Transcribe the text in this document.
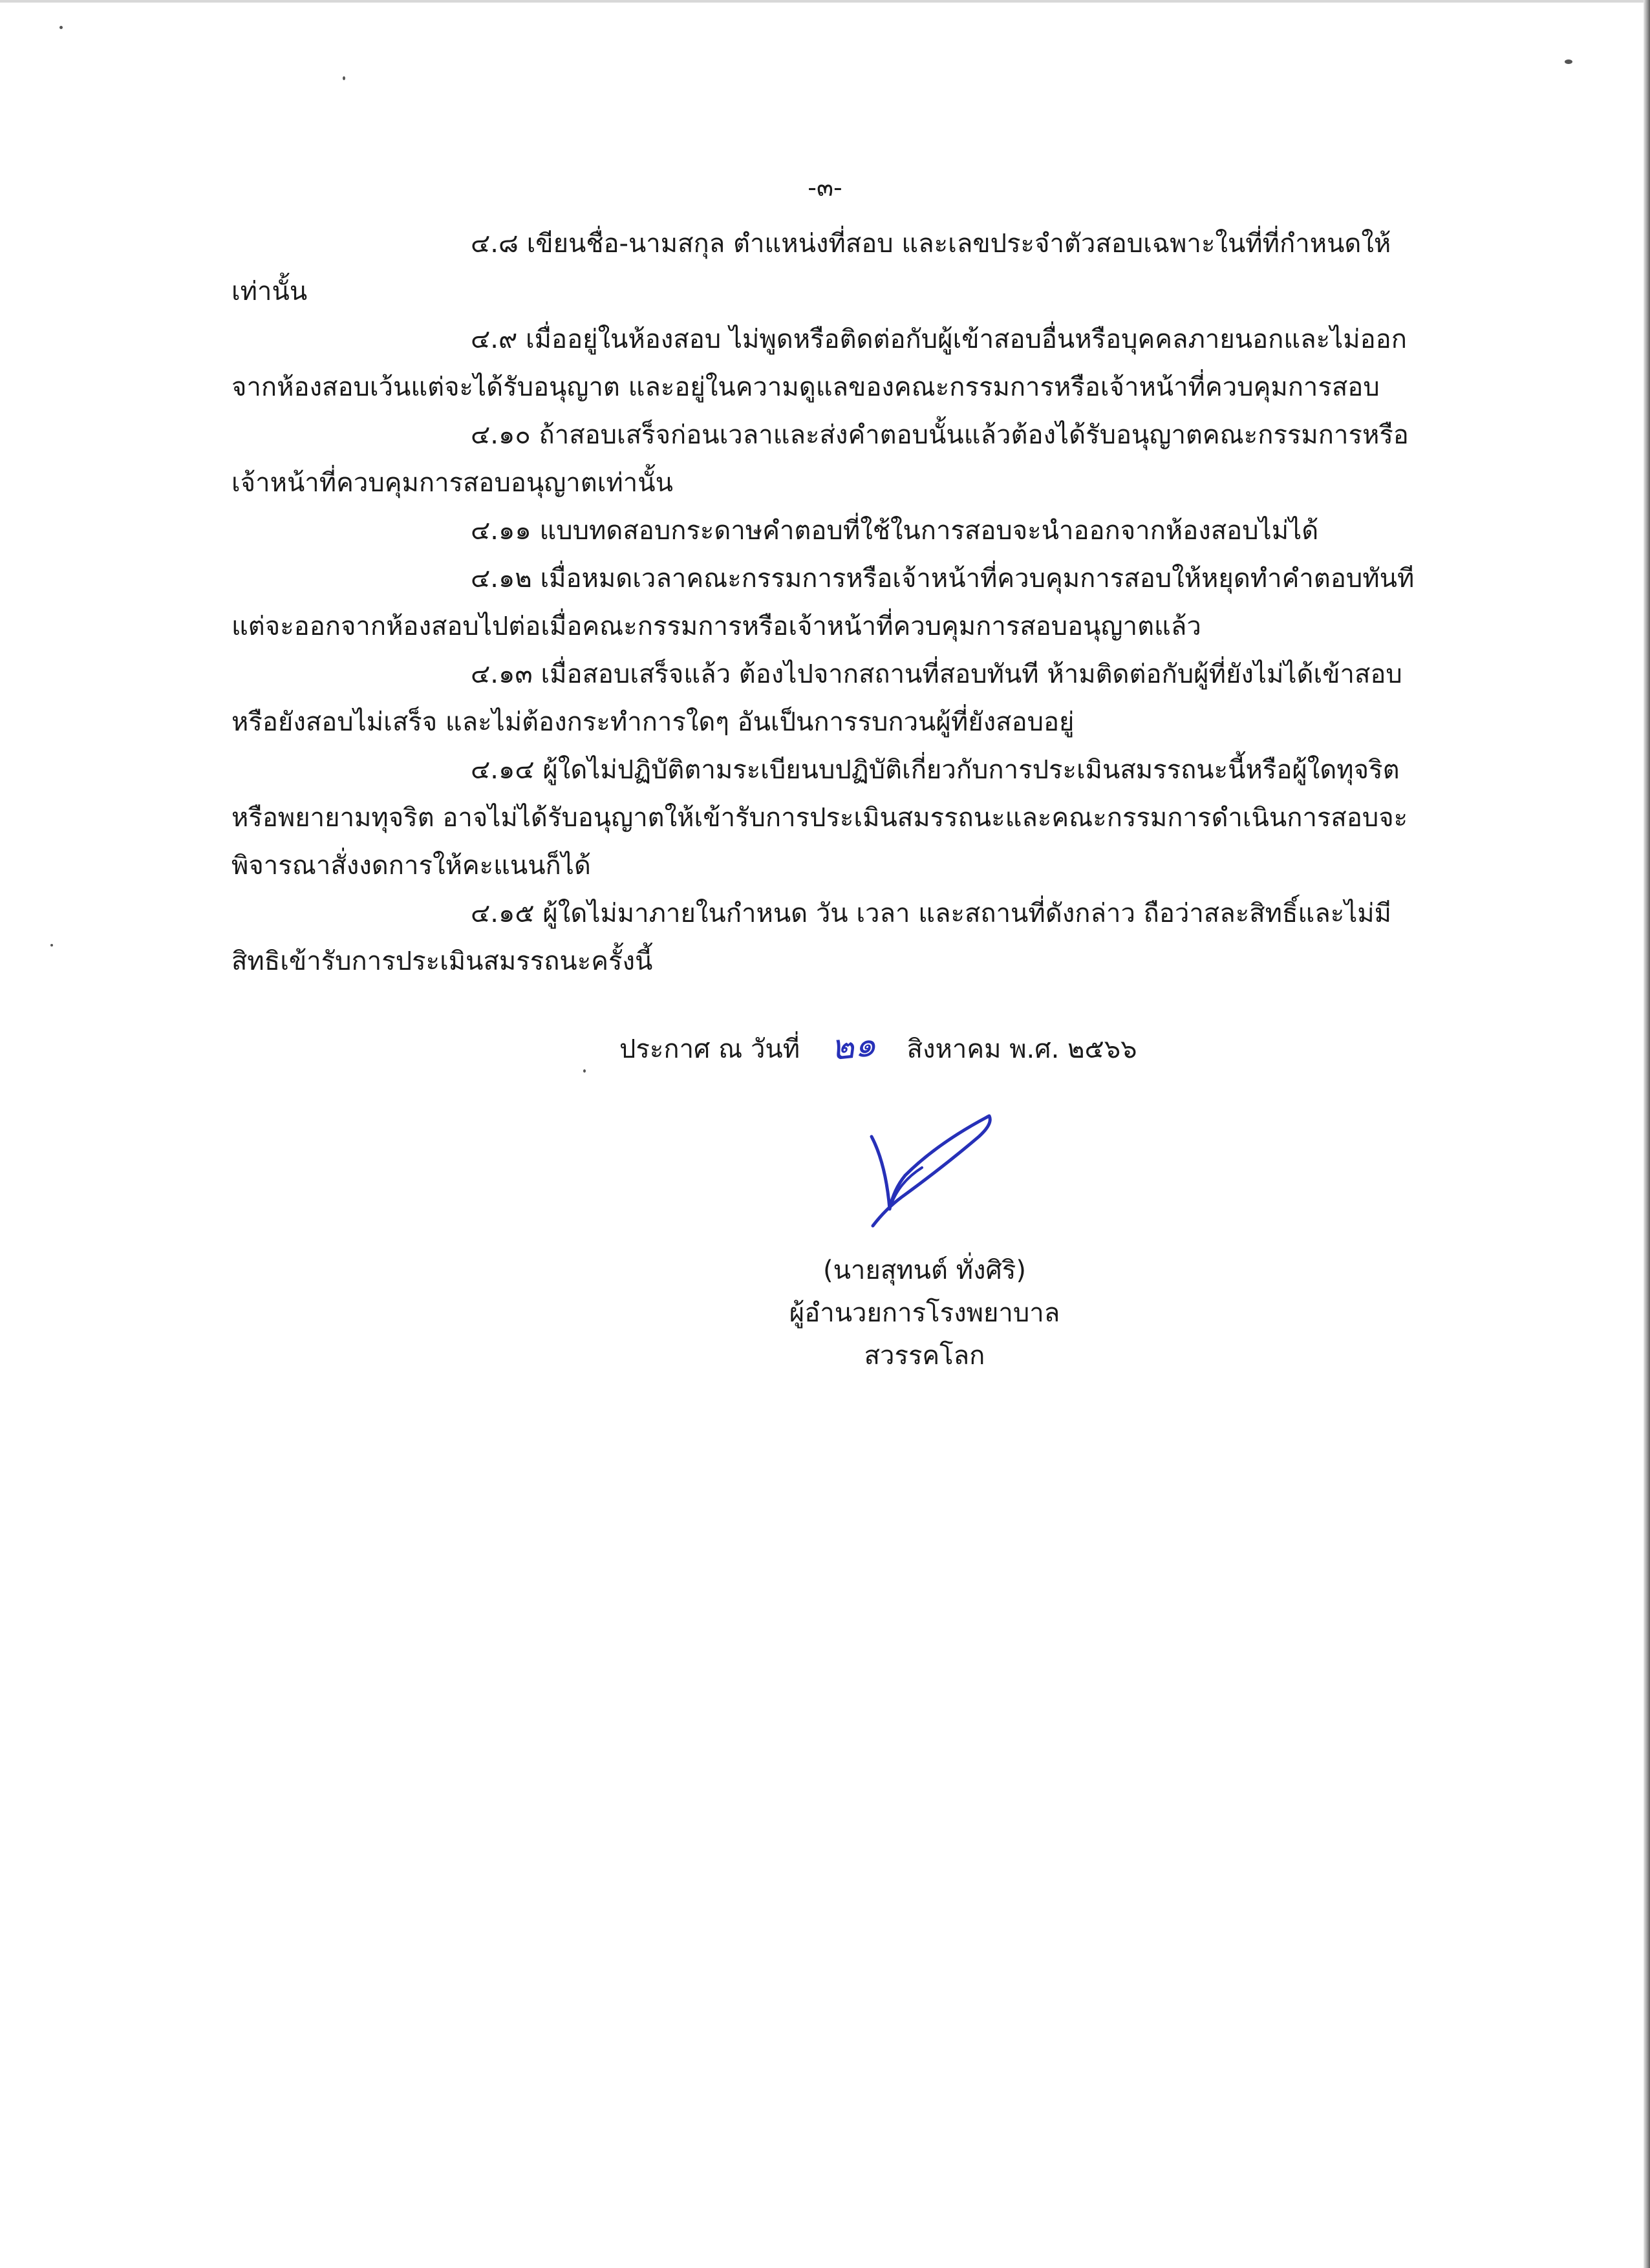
-๓-

๔.๘ เขียนชื่อ-นามสกุล ตำแหน่งที่สอบ และเลขประจำตัวสอบเฉพาะในที่ที่กำหนดให้
เท่านั้น

๔.๙ เมื่ออยู่ในห้องสอบ ไม่พูดหรือติดต่อกับผู้เข้าสอบอื่นหรือบุคคลภายนอกและไม่ออก
จากห้องสอบเว้นแต่จะได้รับอนุญาต และอยู่ในความดูแลของคณะกรรมการหรือเจ้าหน้าที่ควบคุมการสอบ

๔.๑๐ ถ้าสอบเสร็จก่อนเวลาและส่งคำตอบนั้นแล้วต้องได้รับอนุญาตคณะกรรมการหรือ
เจ้าหน้าที่ควบคุมการสอบอนุญาตเท่านั้น

๔.๑๑ แบบทดสอบกระดาษคำตอบที่ใช้ในการสอบจะนำออกจากห้องสอบไม่ได้

๔.๑๒ เมื่อหมดเวลาคณะกรรมการหรือเจ้าหน้าที่ควบคุมการสอบให้หยุดทำคำตอบทันที
แต่จะออกจากห้องสอบไปต่อเมื่อคณะกรรมการหรือเจ้าหน้าที่ควบคุมการสอบอนุญาตแล้ว

๔.๑๓ เมื่อสอบเสร็จแล้ว ต้องไปจากสถานที่สอบทันที ห้ามติดต่อกับผู้ที่ยังไม่ได้เข้าสอบ
หรือยังสอบไม่เสร็จ และไม่ต้องกระทำการใดๆ อันเป็นการรบกวนผู้ที่ยังสอบอยู่

๔.๑๔ ผู้ใดไม่ปฏิบัติตามระเบียนบปฏิบัติเกี่ยวกับการประเมินสมรรถนะนี้หรือผู้ใดทุจริต
หรือพยายามทุจริต อาจไม่ได้รับอนุญาตให้เข้ารับการประเมินสมรรถนะและคณะกรรมการดำเนินการสอบจะ
พิจารณาสั่งงดการให้คะแนนก็ได้

๔.๑๕ ผู้ใดไม่มาภายในกำหนด วัน เวลา และสถานที่ดังกล่าว ถือว่าสละสิทธิ์และไม่มี
สิทธิเข้ารับการประเมินสมรรถนะครั้งนี้

ประกาศ ณ วันที่ ๒๑ สิงหาคม พ.ศ. ๒๕๖๖
(นายสุทนต์ ทั่งศิริ)
ผู้อำนวยการโรงพยาบาลสวรรคโลก
